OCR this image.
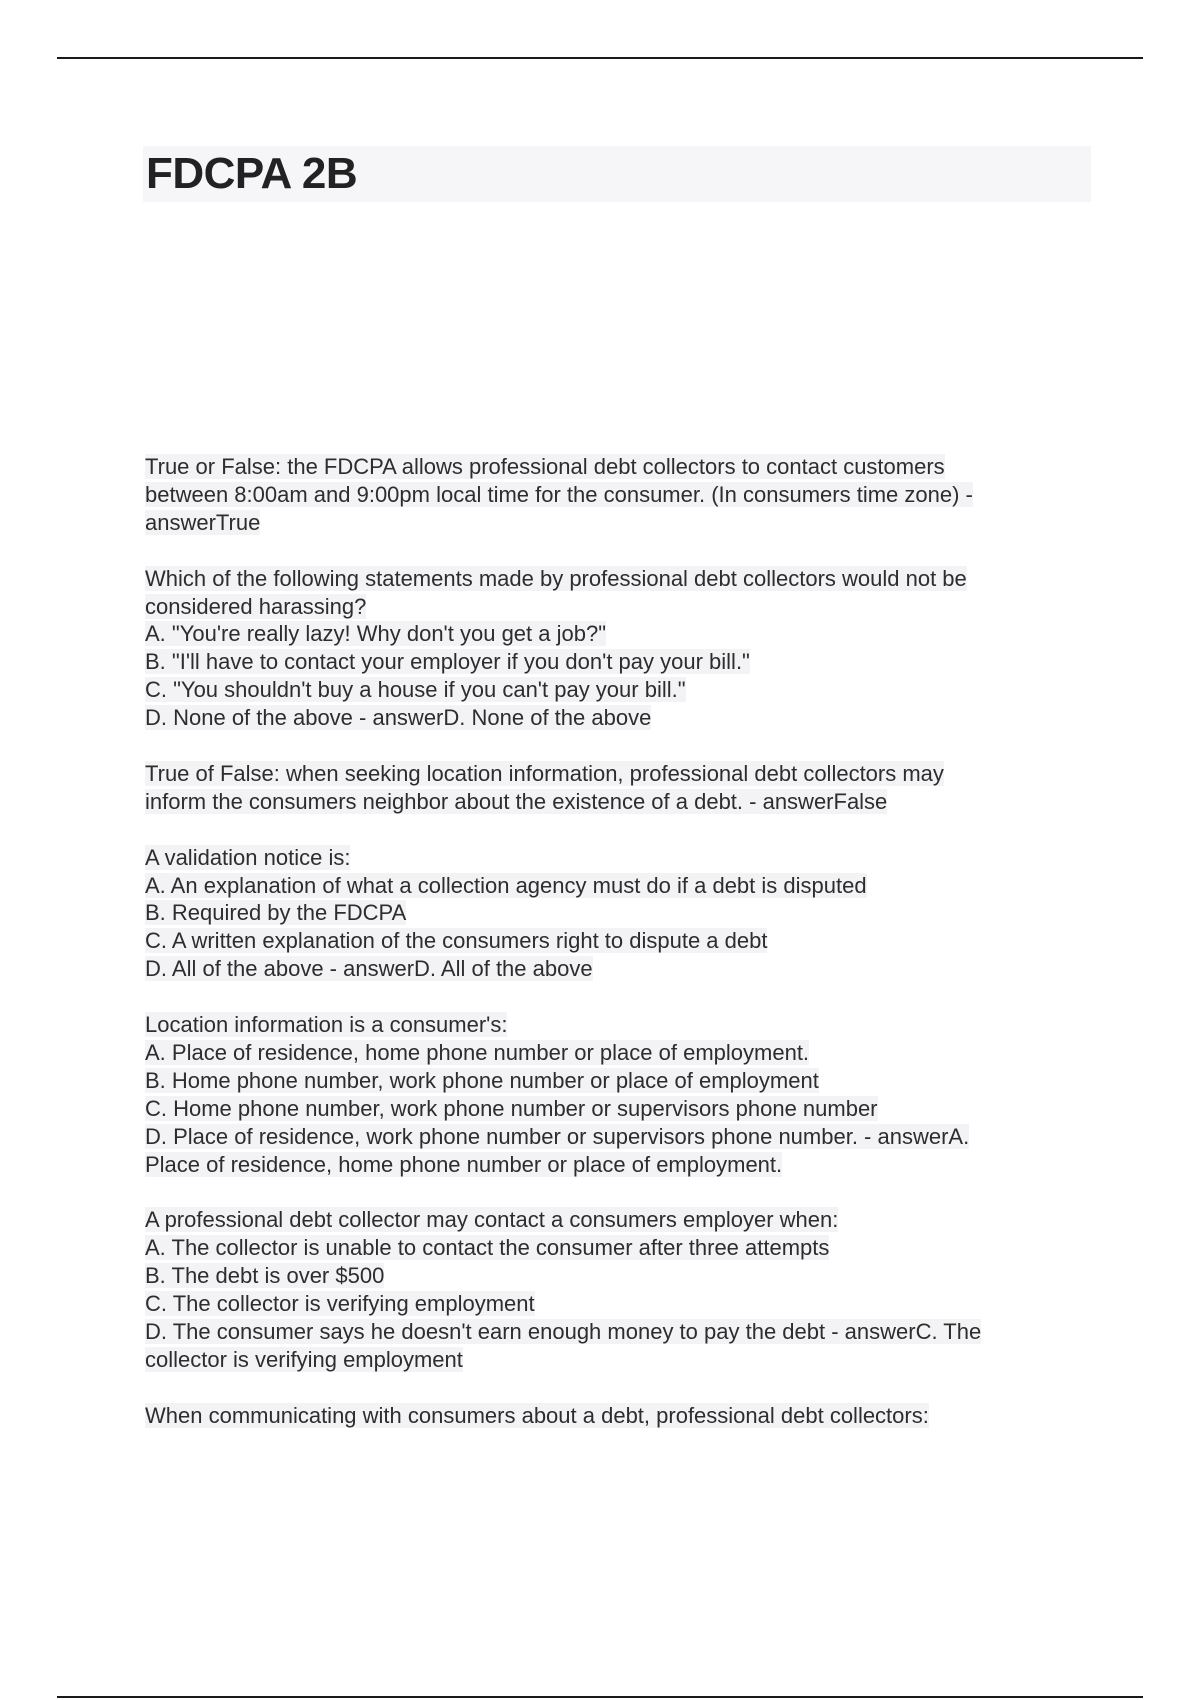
FDCPA 2B
True or False: the FDCPA allows professional debt collectors to contact customers
between 8:00am and 9:00pm local time for the consumer. (In consumers time zone) -
answerTrue
Which of the following statements made by professional debt collectors would not be
considered harassing?
A. "You're really lazy! Why don't you get a job?"
B. "I'll have to contact your employer if you don't pay your bill."
C. "You shouldn't buy a house if you can't pay your bill."
D. None of the above - answerD. None of the above
True of False: when seeking location information, professional debt collectors may
inform the consumers neighbor about the existence of a debt. - answerFalse
A validation notice is:
A. An explanation of what a collection agency must do if a debt is disputed
B. Required by the FDCPA
C. A written explanation of the consumers right to dispute a debt
D. All of the above - answerD. All of the above
Location information is a consumer's:
A. Place of residence, home phone number or place of employment.
B. Home phone number, work phone number or place of employment
C. Home phone number, work phone number or supervisors phone number
D. Place of residence, work phone number or supervisors phone number. - answerA.
Place of residence, home phone number or place of employment.
A professional debt collector may contact a consumers employer when:
A. The collector is unable to contact the consumer after three attempts
B. The debt is over $500
C. The collector is verifying employment
D. The consumer says he doesn't earn enough money to pay the debt - answerC. The
collector is verifying employment
When communicating with consumers about a debt, professional debt collectors:
